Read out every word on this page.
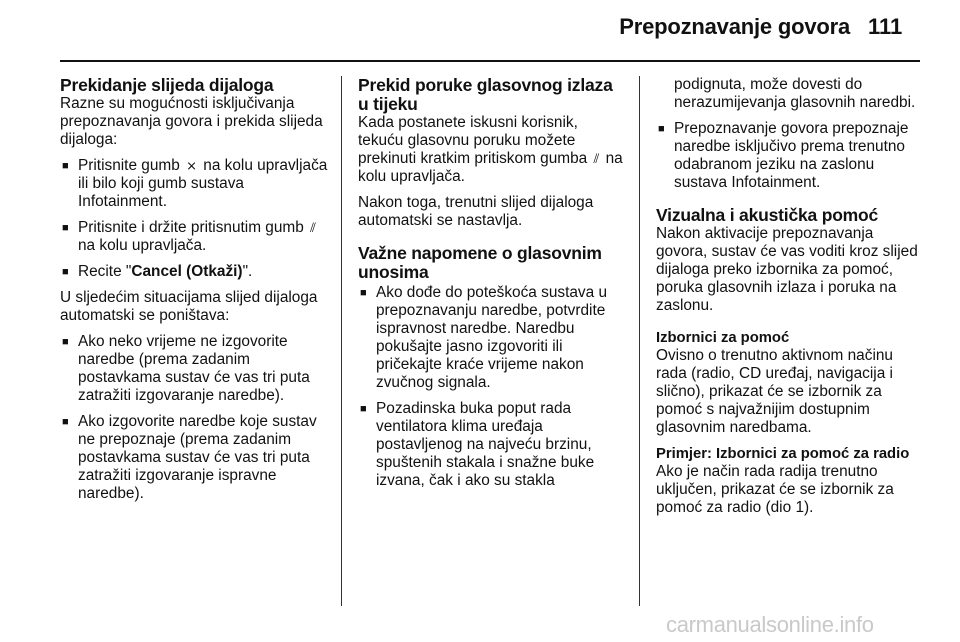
Prepoznavanje govora 111
Prekidanje slijeda dijaloga

Razne su mogućnosti isključivanja prepoznavanja govora i prekida slijeda dijaloga:

■ Pritisnite gumb ⨯ na kolu upravljača ili bilo koji gumb sustava Infotainment.
■ Pritisnite i držite pritisnutim gumb ⫽ na kolu upravljača.
■ Recite "Cancel (Otkaži)".

U sljedećim situacijama slijed dijaloga automatski se poništava:

■ Ako neko vrijeme ne izgovorite naredbe (prema zadanim postavkama sustav će vas tri puta zatražiti izgovaranje naredbe).
■ Ako izgovorite naredbe koje sustav ne prepoznaje (prema zadanim postavkama sustav će vas tri puta zatražiti izgovaranje ispravne naredbe).
Prekid poruke glasovnog izlaza u tijeku

Kada postanete iskusni korisnik, tekuću glasovnu poruku možete prekinuti kratkim pritiskom gumba ⫽ na kolu upravljača.

Nakon toga, trenutni slijed dijaloga automatski se nastavlja.

Važne napomene o glasovnim unosima
■ Ako dođe do poteškoća sustava u prepoznavanju naredbe, potvrdite ispravnost naredbe. Naredbu pokušajte jasno izgovoriti ili pričekajte kraće vrijeme nakon zvučnog signala.
■ Pozadinska buka poput rada ventilatora klima uređaja postavljenog na najveću brzinu, spuštenih stakala i snažne buke izvana, čak i ako su stakla

podignuta, može dovesti do nerazumijevanja glasovnih naredbi.

■ Prepoznavanje govora prepoznaje naredbe isključivo prema trenutno odabranom jeziku na zaslonu sustava Infotainment.
Vizualna i akustička pomoć

Nakon aktivacije prepoznavanja govora, sustav će vas voditi kroz slijed dijaloga preko izbornika za pomoć, poruka glasovnih izlaza i poruka na zaslonu.

Izbornici za pomoć

Ovisno o trenutno aktivnom načinu rada (radio, CD uređaj, navigacija i slično), prikazat će se izbornik za pomoć s najvažnijim dostupnim glasovnim naredbama.

Primjer: Izbornici za pomoć za radio

Ako je način rada radija trenutno uključen, prikazat će se izbornik za pomoć za radio (dio 1).

carmanualsonline.info
